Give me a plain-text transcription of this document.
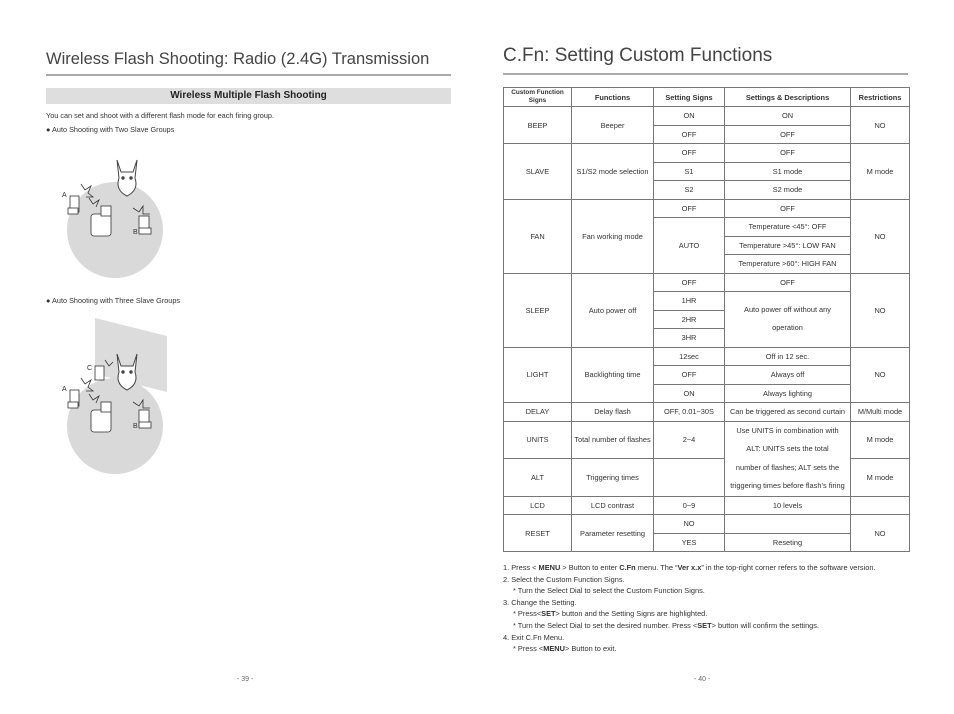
Wireless Flash Shooting: Radio (2.4G) Transmission
Wireless Multiple Flash Shooting
You can set and shoot with a different flash mode for each firing group.
● Auto Shooting with Two Slave Groups
A
B
● Auto Shooting with Three Slave Groups
C
A
B
- 39 -
C.Fn: Setting Custom Functions
Custom Function Signs	Functions	Setting Signs	Settings & Descriptions	Restrictions
BEEP	Beeper	ON	ON	NO
		OFF	OFF	
SLAVE	S1/S2 mode selection	OFF	OFF	M mode
		S1	S1 mode	
		S2	S2 mode	
FAN	Fan working mode	OFF	OFF	NO
		AUTO	Temperature <45°: OFF	
			Temperature >45°: LOW FAN	
			Temperature >60°: HIGH FAN	
SLEEP	Auto power off	OFF	OFF	NO
		1HR	Auto power off without any
operation	

		2HR		
		3HR		
LIGHT	Backlighting time	12sec	Off in 12 sec.	NO
		OFF	Always off	
		ON	Always lighting	
DELAY	Delay flash	OFF, 0.01~30S	Can be triggered as second curtain	M/Multi mode
UNITS	Total number of flashes	2~4	Use UNITS in combination with
ALT: UNITS sets the total
number of flashes; ALT sets the
triggering times before flash’s firing	M mode
ALT	Triggering times			M mode
LCD	LCD contrast	0~9	10 levels	
RESET	Parameter resetting	NO		NO
		YES	Reseting	
1. Press < MENU > Button to enter C.Fn menu. The “Ver x.x” in the top-right corner refers to the software version.
2. Select the Custom Function Signs.
* Turn the Select Dial to select the Custom Function Signs.
3. Change the Setting.
* Press<SET> button and the Setting Signs are highlighted.
* Turn the Select Dial to set the desired number. Press <SET> button will confirm the settings.
4. Exit C.Fn Menu.
* Press <MENU> Button to exit.
- 40 -
